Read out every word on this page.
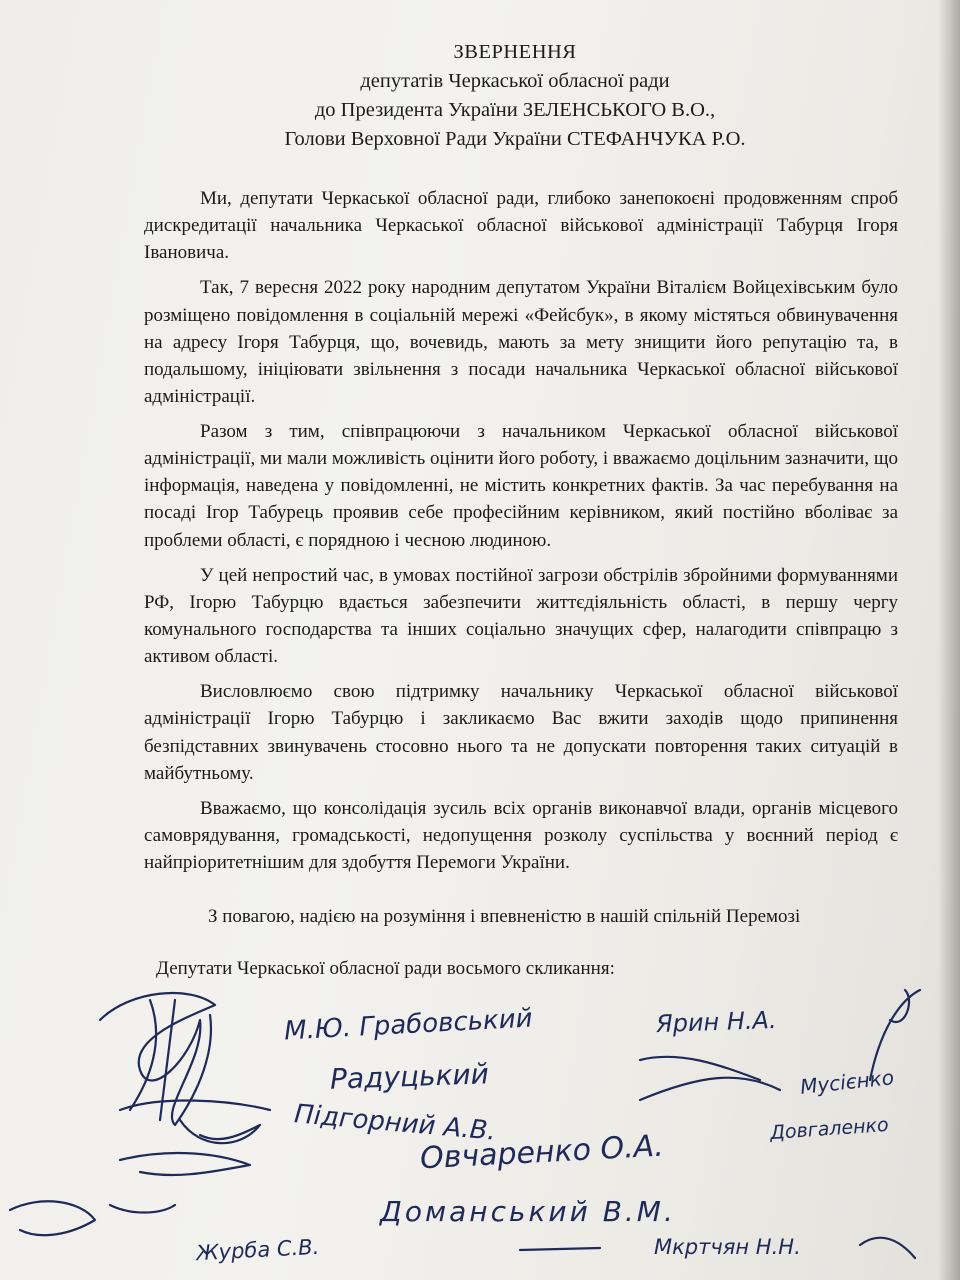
ЗВЕРНЕННЯ
депутатів Черкаської обласної ради
до Президента України ЗЕЛЕНСЬКОГО В.О.,
Голови Верховної Ради України СТЕФАНЧУКА Р.О.

Ми, депутати Черкаської обласної ради, глибоко занепокоєні продовженням спроб дискредитації начальника Черкаської обласної військової адміністрації Табурця Ігоря Івановича.

Так, 7 вересня 2022 року народним депутатом України Віталієм Войцехівським було розміщено повідомлення в соціальній мережі «Фейсбук», в якому містяться обвинувачення на адресу Ігоря Табурця, що, вочевидь, мають за мету знищити його репутацію та, в подальшому, ініціювати звільнення з посади начальника Черкаської обласної військової адміністрації.

Разом з тим, співпрацюючи з начальником Черкаської обласної військової адміністрації, ми мали можливість оцінити його роботу, і вважаємо доцільним зазначити, що інформація, наведена у повідомленні, не містить конкретних фактів. За час перебування на посаді Ігор Табурець проявив себе професійним керівником, який постійно вболіває за проблеми області, є порядною і чесною людиною.

У цей непростий час, в умовах постійної загрози обстрілів збройними формуваннями РФ, Ігорю Табурцю вдається забезпечити життєдіяльність області, в першу чергу комунального господарства та інших соціально значущих сфер, налагодити співпрацю з активом області.

Висловлюємо свою підтримку начальнику Черкаської обласної військової адміністрації Ігорю Табурцю і закликаємо Вас вжити заходів щодо припинення безпідставних звинувачень стосовно нього та не допускати повторення таких ситуацій в майбутньому.

Вважаємо, що консолідація зусиль всіх органів виконавчої влади, органів місцевого самоврядування, громадськості, недопущення розколу суспільства у воєнний період є найпріоритетнішим для здобуття Перемоги України.

З повагою, надією на розуміння і впевненістю в нашій спільній Перемозі
Депутати Черкаської обласної ради восьмого скликання:
М.Ю. Грабовський	Ярин Н.А.
Радуцький	Мусієнко
Підгорний А.В.	Довгаленко
Овчаренко О.А.
Доманський В.М.
Журба С.В.	Мкртчян Н.Н.
